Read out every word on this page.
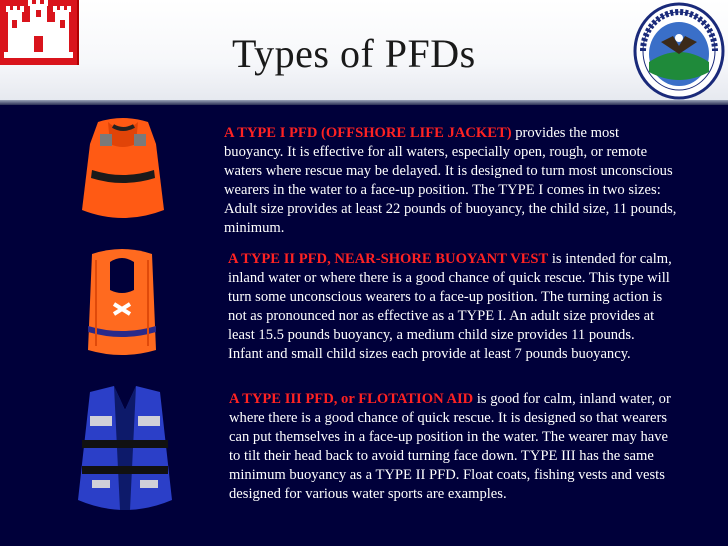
Types of PFDs

A TYPE I PFD (OFFSHORE LIFE JACKET) provides the most buoyancy. It is effective for all waters, especially open, rough, or remote waters where rescue may be delayed. It is designed to turn most unconscious wearers in the water to a face-up position. The TYPE I comes in two sizes: Adult size provides at least 22 pounds of buoyancy, the child size, 11 pounds, minimum.

A TYPE II PFD, NEAR-SHORE BUOYANT VEST is intended for calm, inland water or where there is a good chance of quick rescue. This type will turn some unconscious wearers to a face-up position. The turning action is not as pronounced nor as effective as a TYPE I. An adult size provides at least 15.5 pounds buoyancy, a medium child size provides 11 pounds. Infant and small child sizes each provide at least 7 pounds buoyancy.

A TYPE III PFD, or FLOTATION AID is good for calm, inland water, or where there is a good chance of quick rescue. It is designed so that wearers can put themselves in a face-up position in the water. The wearer may have to tilt their head back to avoid turning face down. TYPE III has the same minimum buoyancy as a TYPE II PFD. Float coats, fishing vests and vests designed for various water sports are examples.
